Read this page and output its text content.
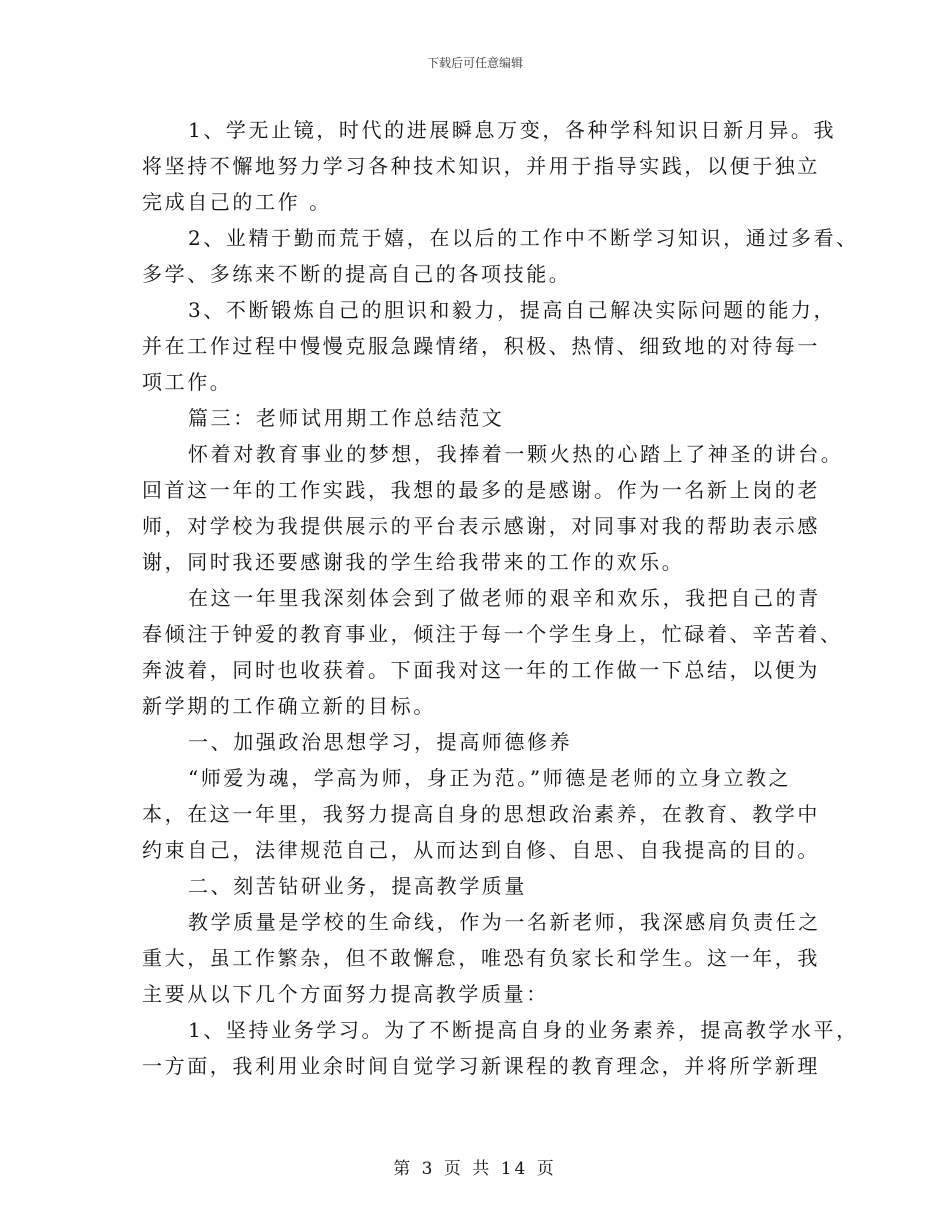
下载后可任意编辑
1、学无止镜，时代的进展瞬息万变，各种学科知识日新月异。我
将坚持不懈地努力学习各种技术知识，并用于指导实践，以便于独立
完成自己的工作 。
2、业精于勤而荒于嬉，在以后的工作中不断学习知识，通过多看、
多学、多练来不断的提高自己的各项技能。
3、不断锻炼自己的胆识和毅力，提高自己解决实际问题的能力，
并在工作过程中慢慢克服急躁情绪，积极、热情、细致地的对待每一
项工作。
篇三：老师试用期工作总结范文
怀着对教育事业的梦想，我捧着一颗火热的心踏上了神圣的讲台。
回首这一年的工作实践，我想的最多的是感谢。作为一名新上岗的老
师，对学校为我提供展示的平台表示感谢，对同事对我的帮助表示感
谢，同时我还要感谢我的学生给我带来的工作的欢乐。
在这一年里我深刻体会到了做老师的艰辛和欢乐，我把自己的青
春倾注于钟爱的教育事业，倾注于每一个学生身上，忙碌着、辛苦着、
奔波着，同时也收获着。下面我对这一年的工作做一下总结，以便为
新学期的工作确立新的目标。
一、加强政治思想学习，提高师德修养
“师爱为魂，学高为师，身正为范。”师德是老师的立身立教之
本，在这一年里，我努力提高自身的思想政治素养，在教育、教学中
约束自己，法律规范自己，从而达到自修、自思、自我提高的目的。
二、刻苦钻研业务，提高教学质量
教学质量是学校的生命线，作为一名新老师，我深感肩负责任之
重大，虽工作繁杂，但不敢懈怠，唯恐有负家长和学生。这一年，我
主要从以下几个方面努力提高教学质量：
1、坚持业务学习。为了不断提高自身的业务素养，提高教学水平，
一方面，我利用业余时间自觉学习新课程的教育理念，并将所学新理
第 3 页 共 14 页
